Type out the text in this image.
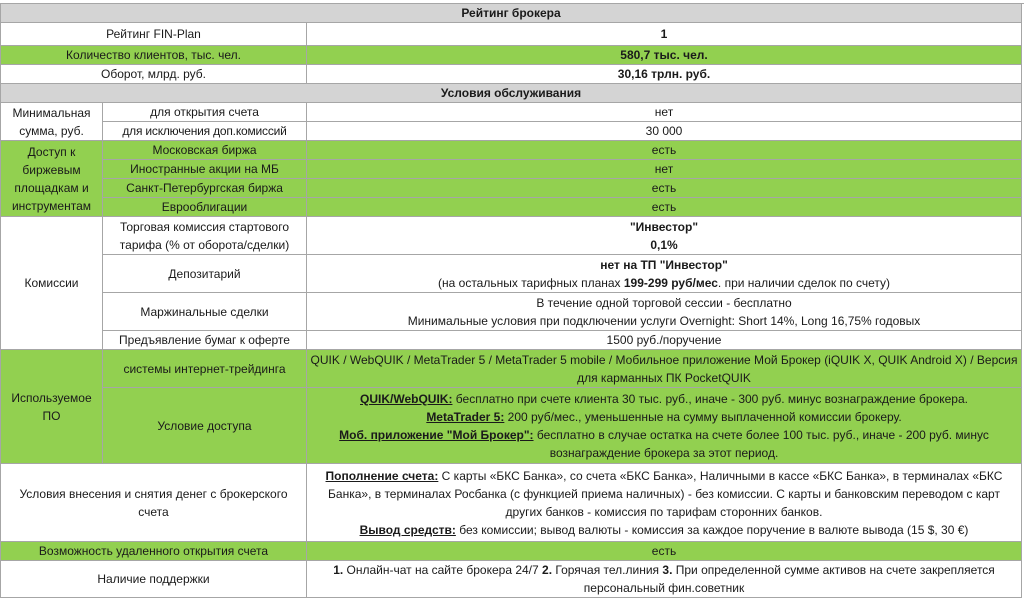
Рейтинг брокера		
Рейтинг FIN-Plan		1
Количество клиентов, тыс. чел.		580,7 тыс. чел.
Оборот, млрд. руб.		30,16 трлн. руб.
Условия обслуживания		
Минимальная сумма, руб.	для открытия счета	нет
	для исключения доп.комиссий	30 000
Доступ к биржевым площадкам и инструментам	Московская биржа	есть
	Иностранные акции на МБ	нет
	Санкт-Петербургская биржа	есть
	Еврооблигации	есть
Комиссии	Торговая комиссия стартового тарифа (% от оборота/сделки)	"Инвестор"
0,1%

	Депозитарий	нет на ТП "Инвестор"
(на остальных тарифных планах 199-299 руб/мес. при наличии сделок по счету)

	Маржинальные сделки	В течение одной торговой сессии - бесплатно
Минимальные условия при подключении услуги Overnight: Short 14%, Long 16,75% годовых

	Предъявление бумаг к оферте	1500 руб./поручение
Используемое ПО	системы интернет-трейдинга	QUIK / WebQUIK / MetaTrader 5 / MetaTrader 5 mobile / Мобильное приложение Мой Брокер (iQUIK X, QUIK Android X) / Версия для карманных ПК PocketQUIK
	Условие доступа	QUIK/WebQUIK: бесплатно при счете клиента 30 тыс. руб., иначе - 300 руб. минус вознаграждение брокера.
MetaTrader 5: 200 руб/мес., уменьшенные на сумму выплаченной комиссии брокеру.
Моб. приложение "Мой Брокер": бесплатно в случае остатка на счете более 100 тыс. руб., иначе - 200 руб. минус вознаграждение брокера за этот период.

Условия внесения и снятия денег с брокерского счета		Пополнение счета: С карты «БКС Банка», со счета «БКС Банка», Наличными в кассе «БКС Банка», в терминалах «БКС Банка», в терминалах Росбанка (с функцией приема наличных) - без комиссии. С карты и банковским переводом с карт других банков - комиссия по тарифам сторонних банков.
Вывод средств: без комиссии; вывод валюты - комиссия за каждое поручение в валюте вывода (15 $, 30 €)

Возможность удаленного открытия счета		есть
Наличие поддержки		1. Онлайн-чат на сайте брокера 24/7 2. Горячая тел.линия 3. При определенной сумме активов на счете закрепляется персональный фин.советник
